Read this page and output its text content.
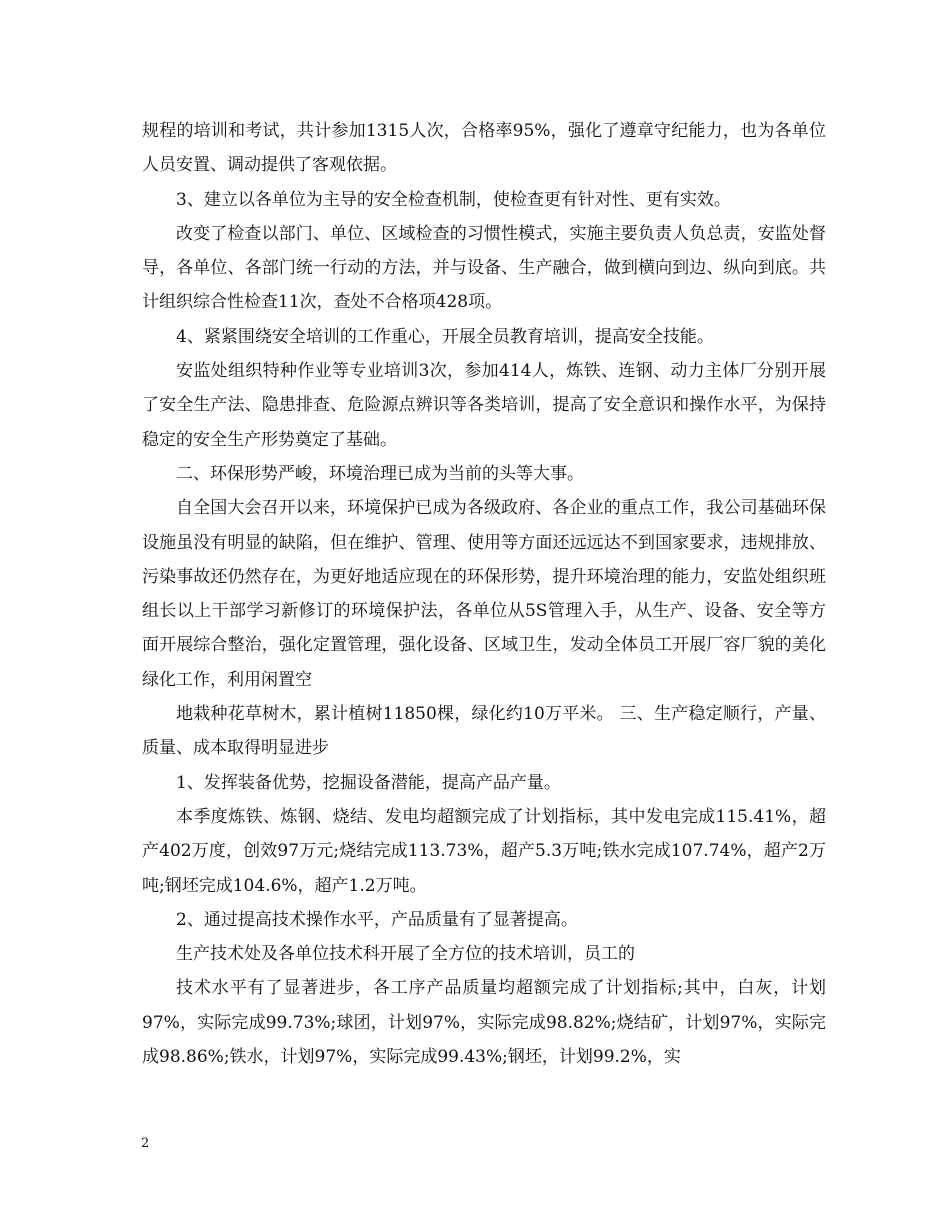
规程的培训和考试，共计参加1315人次，合格率95%，强化了遵章守纪能力，也为各单位人员安置、调动提供了客观依据。

3、建立以各单位为主导的安全检查机制，使检查更有针对性、更有实效。

改变了检查以部门、单位、区域检查的习惯性模式，实施主要负责人负总责，安监处督导，各单位、各部门统一行动的方法，并与设备、生产融合，做到横向到边、纵向到底。共计组织综合性检查11次，查处不合格项428项。

4、紧紧围绕安全培训的工作重心，开展全员教育培训，提高安全技能。

安监处组织特种作业等专业培训3次，参加414人，炼铁、连钢、动力主体厂分别开展了安全生产法、隐患排查、危险源点辨识等各类培训，提高了安全意识和操作水平，为保持稳定的安全生产形势奠定了基础。

二、环保形势严峻，环境治理已成为当前的头等大事。

自全国大会召开以来，环境保护已成为各级政府、各企业的重点工作，我公司基础环保设施虽没有明显的缺陷，但在维护、管理、使用等方面还远远达不到国家要求，违规排放、污染事故还仍然存在，为更好地适应现在的环保形势，提升环境治理的能力，安监处组织班组长以上干部学习新修订的环境保护法，各单位从5S管理入手，从生产、设备、安全等方面开展综合整治，强化定置管理，强化设备、区域卫生，发动全体员工开展厂容厂貌的美化绿化工作，利用闲置空

地栽种花草树木，累计植树11850棵，绿化约10万平米。 三、生产稳定顺行，产量、质量、成本取得明显进步

1、发挥装备优势，挖掘设备潜能，提高产品产量。

本季度炼铁、炼钢、烧结、发电均超额完成了计划指标，其中发电完成115.41%，超产402万度，创效97万元;烧结完成113.73%，超产5.3万吨;铁水完成107.74%，超产2万吨;钢坯完成104.6%，超产1.2万吨。

2、通过提高技术操作水平，产品质量有了显著提高。

生产技术处及各单位技术科开展了全方位的技术培训，员工的

技术水平有了显著进步，各工序产品质量均超额完成了计划指标;其中，白灰，计划97%，实际完成99.73%;球团，计划97%，实际完成98.82%;烧结矿，计划97%，实际完成98.86%;铁水，计划97%，实际完成99.43%;钢坯，计划99.2%，实

2
